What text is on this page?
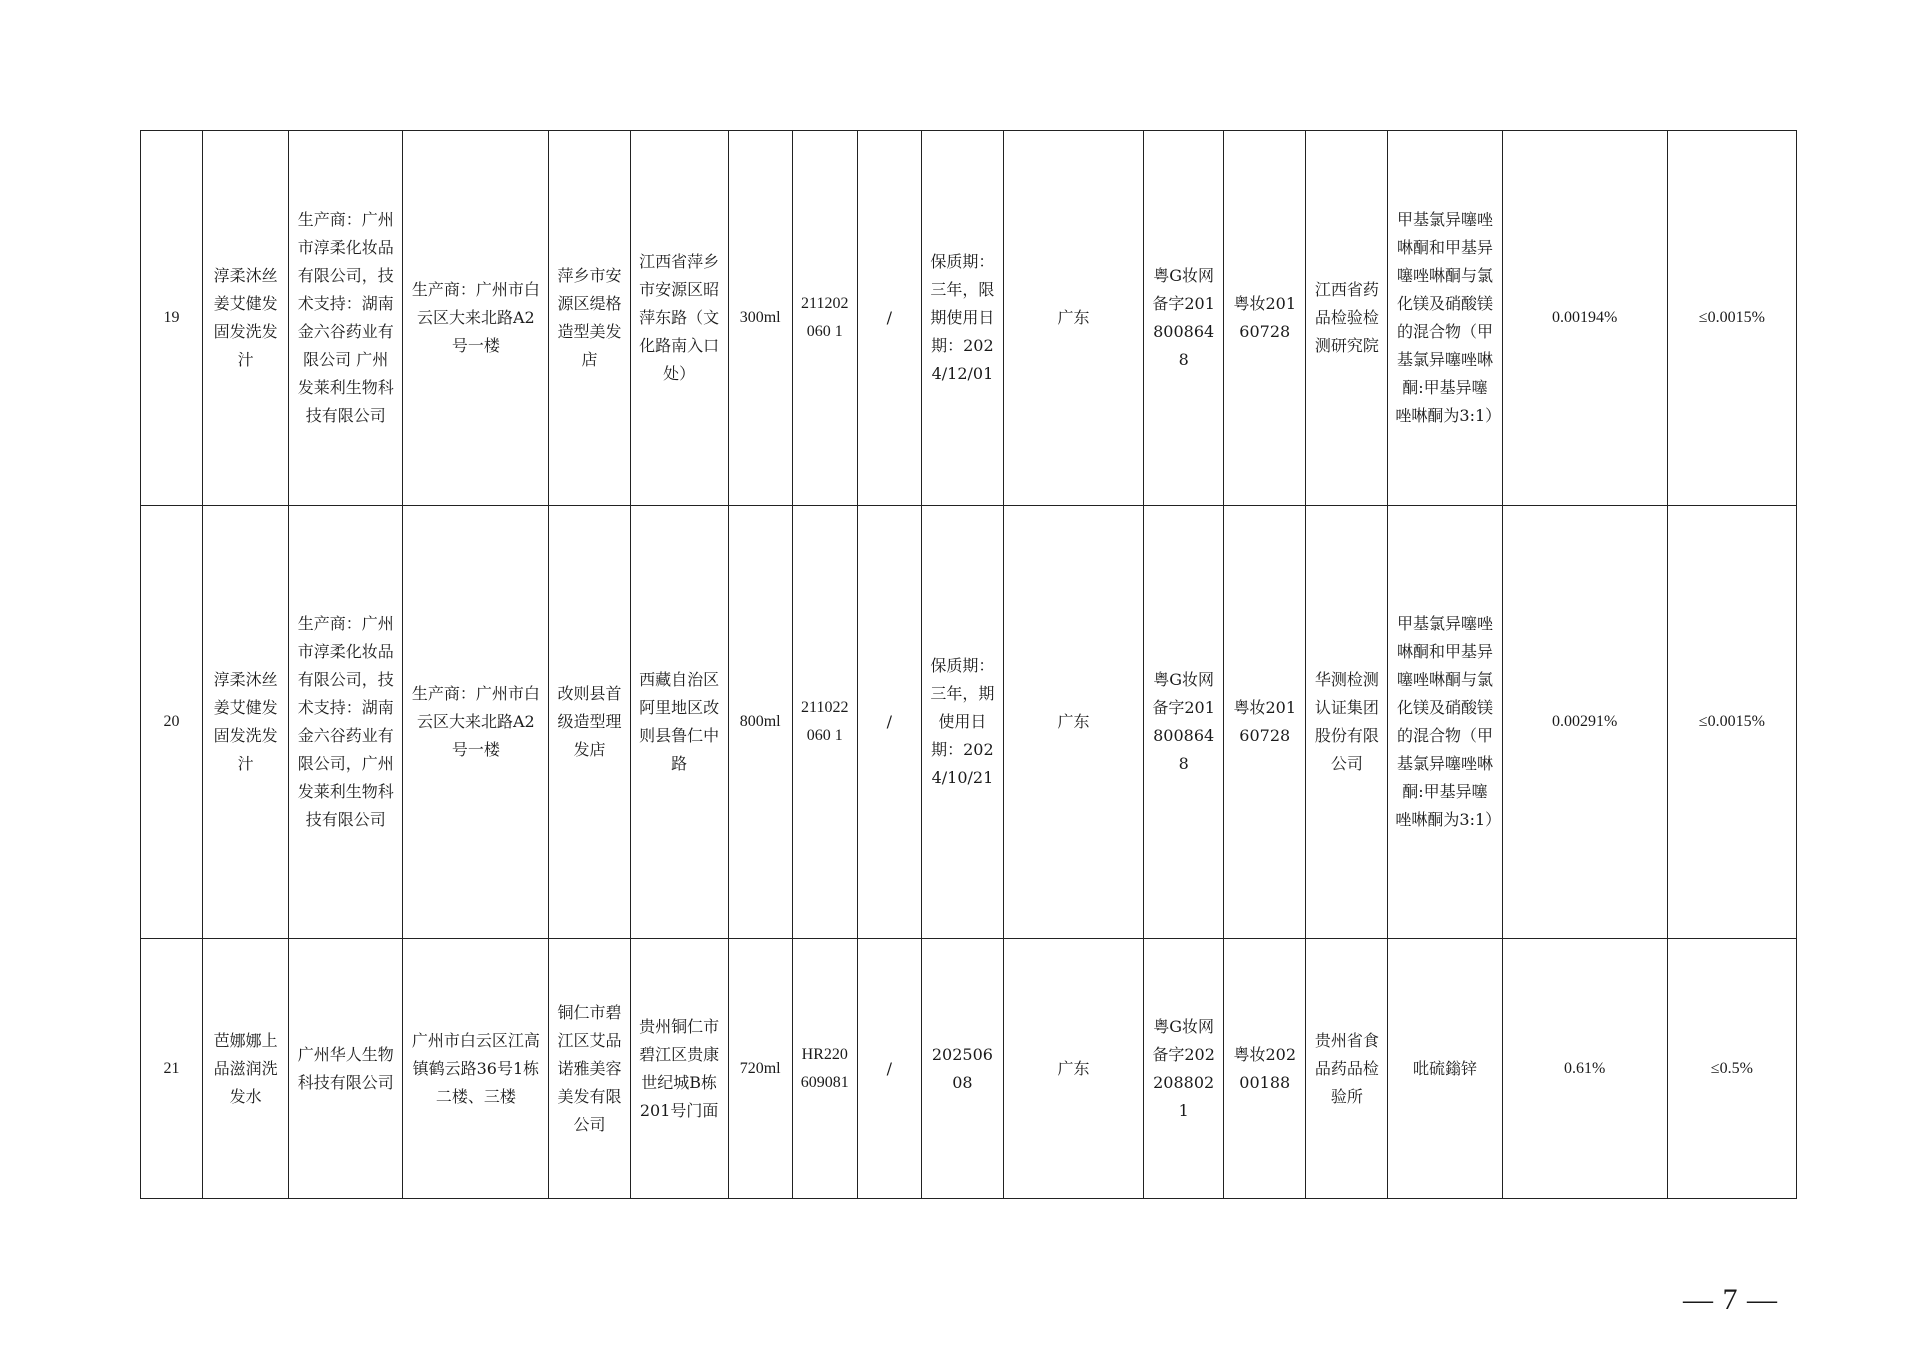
19	淳柔沐丝姜艾健发固发洗发汁	生产商：广州市淳柔化妆品有限公司，技术支持：湖南金六谷药业有限公司 广州发莱利生物科技有限公司	生产商：广州市白云区大来北路A2号一楼	萍乡市安源区缇格造型美发店	江西省萍乡市安源区昭萍东路（文化路南入口处）	300ml	211202060 1	/	保质期：三年，限期使用日期：2024/12/01	广东	粤G妆网备字2018008648	粤妆20160728	江西省药品检验检测研究院	甲基氯异噻唑啉酮和甲基异噻唑啉酮与氯化镁及硝酸镁的混合物（甲基氯异噻唑啉酮:甲基异噻唑啉酮为3:1）	0.00194%	≤0.0015%
20	淳柔沐丝姜艾健发固发洗发汁	生产商：广州市淳柔化妆品有限公司，技术支持：湖南金六谷药业有限公司，广州发莱利生物科技有限公司	生产商：广州市白云区大来北路A2号一楼	改则县首级造型理发店	西藏自治区阿里地区改则县鲁仁中路	800ml	211022060 1	/	保质期：三年，期使用日期：2024/10/21	广东	粤G妆网备字2018008648	粤妆20160728	华测检测认证集团股份有限公司	甲基氯异噻唑啉酮和甲基异噻唑啉酮与氯化镁及硝酸镁的混合物（甲基氯异噻唑啉酮:甲基异噻唑啉酮为3:1）	0.00291%	≤0.0015%
21	芭娜娜上品滋润洗发水	广州华人生物科技有限公司	广州市白云区江高镇鹤云路36号1栋二楼、三楼	铜仁市碧江区艾品诺雅美容美发有限公司	贵州铜仁市碧江区贵康世纪城B栋201号门面	720ml	HR220609081	/	20250608	广东	粤G妆网备字2022088021	粤妆20200188	贵州省食品药品检验所	吡硫鎓锌	0.61%	≤0.5%
— 7 —
